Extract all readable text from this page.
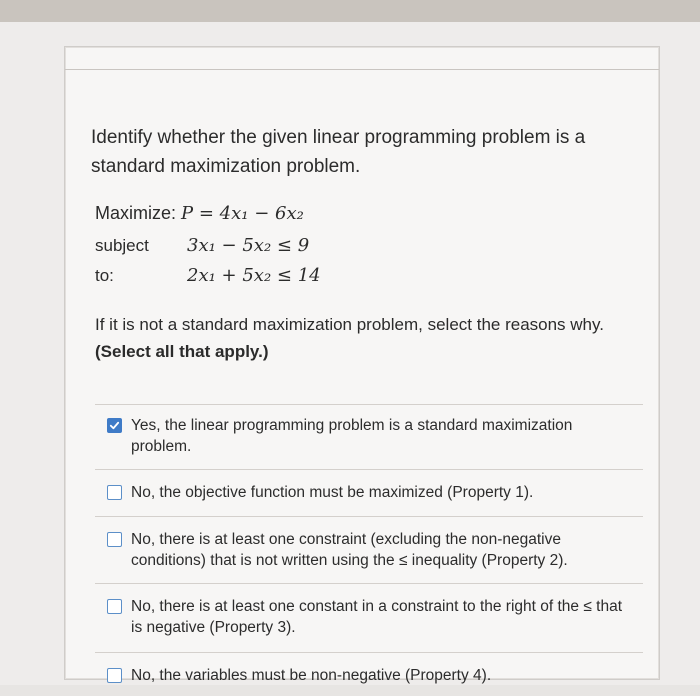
Identify whether the given linear programming problem is a standard maximization problem.
Maximize: P = 4x₁ − 6x₂
subject
to:
3x₁ − 5x₂ ≤ 9
2x₁ + 5x₂ ≤ 14
If it is not a standard maximization problem, select the reasons why. (Select all that apply.)
Yes, the linear programming problem is a standard maximization problem.
No, the objective function must be maximized (Property 1).
No, there is at least one constraint (excluding the non-negative conditions) that is not written using the ≤ inequality (Property 2).
No, there is at least one constant in a constraint to the right of the ≤ that is negative (Property 3).
No, the variables must be non-negative (Property 4).
